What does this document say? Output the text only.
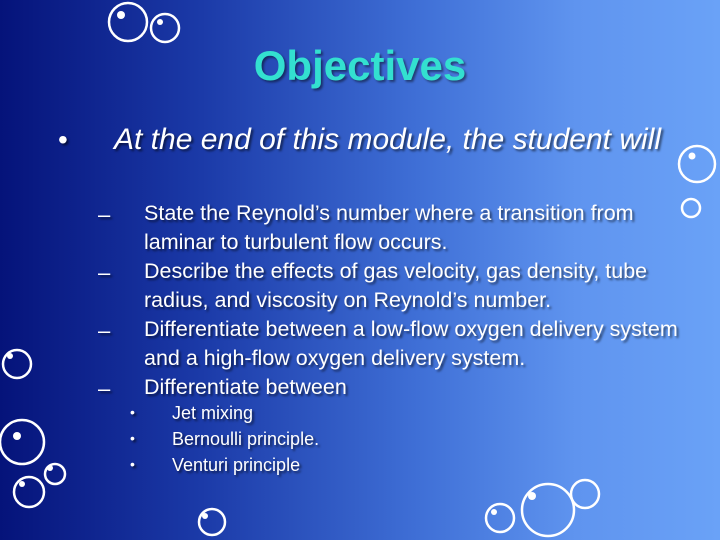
Objectives
• At the end of this module, the student will
– State the Reynold’s number where a transition from laminar to turbulent flow occurs.
– Describe the effects of gas velocity, gas density, tube radius, and viscosity on Reynold’s number.
– Differentiate between a low-flow oxygen delivery system and a high-flow oxygen delivery system.
– Differentiate between
• Jet mixing
• Bernoulli principle.
• Venturi principle
